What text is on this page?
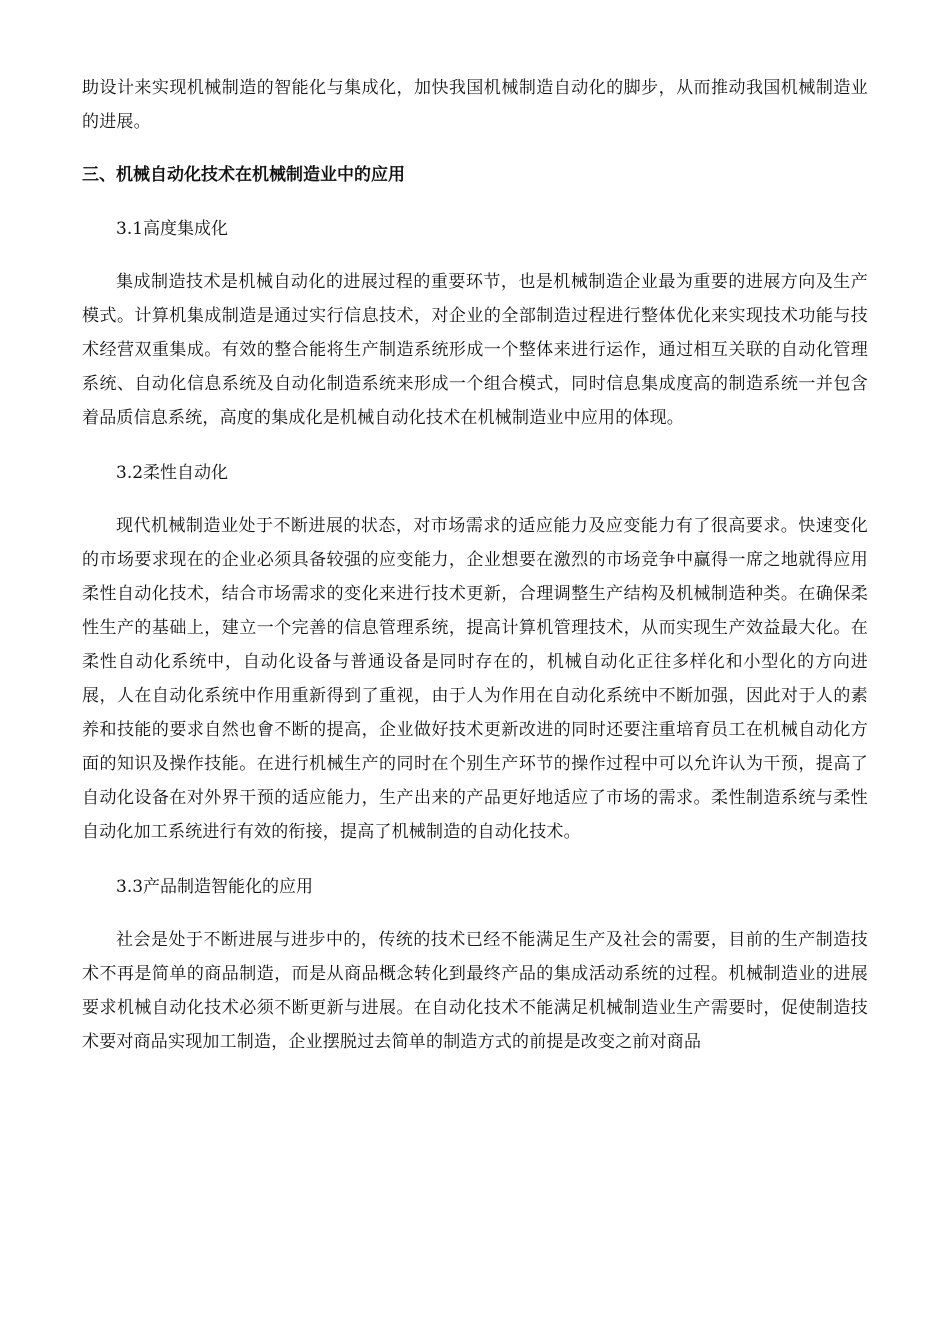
助设计来实现机械制造的智能化与集成化，加快我国机械制造自动化的脚步，从而推动我国机械制造业的进展。

三、机械自动化技术在机械制造业中的应用
3.1高度集成化

集成制造技术是机械自动化的进展过程的重要环节，也是机械制造企业最为重要的进展方向及生产模式。计算机集成制造是通过实行信息技术，对企业的全部制造过程进行整体优化来实现技术功能与技术经营双重集成。有效的整合能将生产制造系统形成一个整体来进行运作，通过相互关联的自动化管理系统、自动化信息系统及自动化制造系统来形成一个组合模式，同时信息集成度高的制造系统一并包含着品质信息系统，高度的集成化是机械自动化技术在机械制造业中应用的体现。

3.2柔性自动化

现代机械制造业处于不断进展的状态，对市场需求的适应能力及应变能力有了很高要求。快速变化的市场要求现在的企业必须具备较强的应变能力，企业想要在激烈的市场竞争中赢得一席之地就得应用柔性自动化技术，结合市场需求的变化来进行技术更新，合理调整生产结构及机械制造种类。在确保柔性生产的基础上，建立一个完善的信息管理系统，提高计算机管理技术，从而实现生产效益最大化。在柔性自动化系统中，自动化设备与普通设备是同时存在的，机械自动化正往多样化和小型化的方向进展，人在自动化系统中作用重新得到了重视，由于人为作用在自动化系统中不断加强，因此对于人的素养和技能的要求自然也會不断的提高，企业做好技术更新改进的同时还要注重培育员工在机械自动化方面的知识及操作技能。在进行机械生产的同时在个别生产环节的操作过程中可以允许认为干预，提高了自动化设备在对外界干预的适应能力，生产出来的产品更好地适应了市场的需求。柔性制造系统与柔性自动化加工系统进行有效的衔接，提高了机械制造的自动化技术。

3.3产品制造智能化的应用

社会是处于不断进展与进步中的，传统的技术已经不能满足生产及社会的需要，目前的生产制造技术不再是简单的商品制造，而是从商品概念转化到最终产品的集成活动系统的过程。机械制造业的进展要求机械自动化技术必须不断更新与进展。在自动化技术不能满足机械制造业生产需要时，促使制造技术要对商品实现加工制造，企业摆脱过去简单的制造方式的前提是改变之前对商品
